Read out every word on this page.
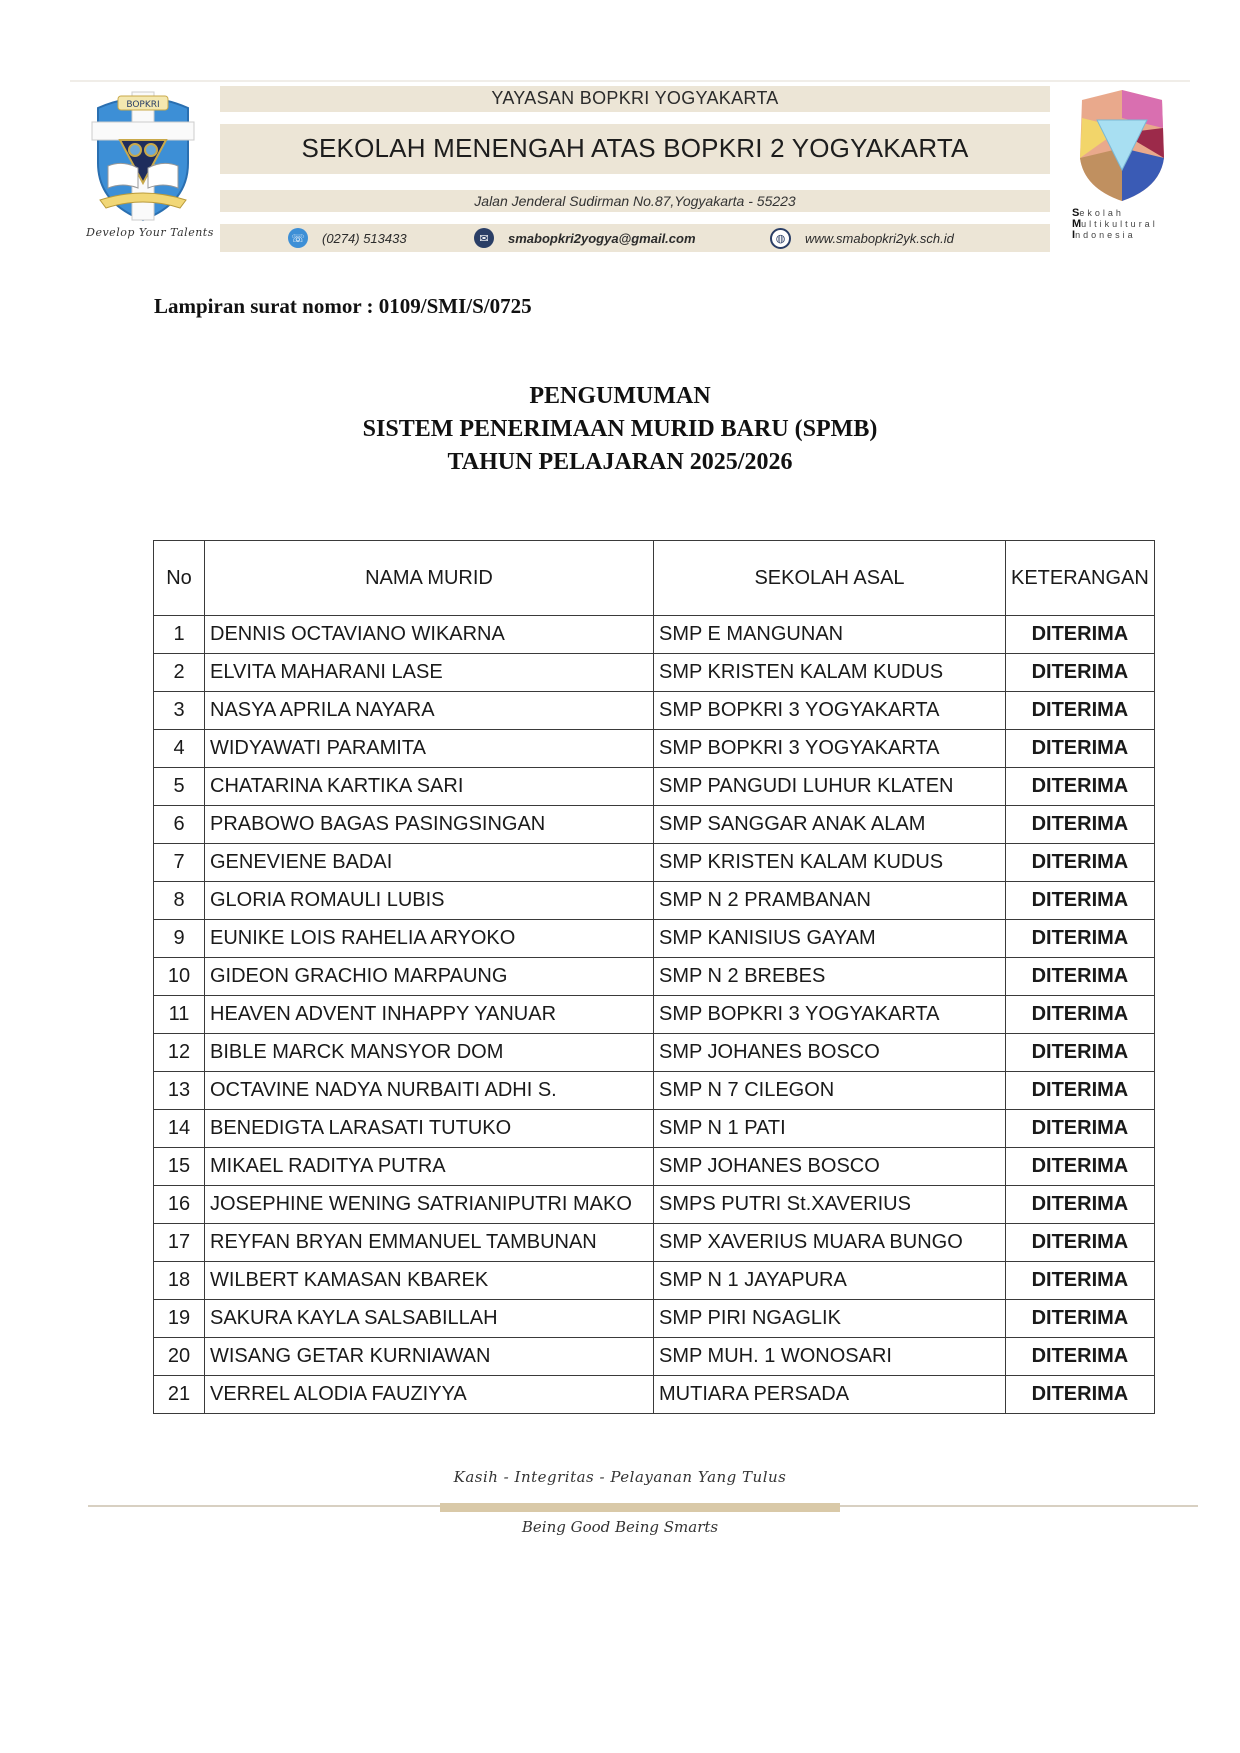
BOPKRI
Develop Your Talents
YAYASAN BOPKRI YOGYAKARTA
SEKOLAH MENENGAH ATAS BOPKRI 2 YOGYAKARTA
Jalan Jenderal Sudirman No.87,Yogyakarta - 55223
☏ (0274) 513433	✉	smabopkri2yogya@gmail.com	◍	www.smabopkri2yk.sch.id
Sekolah
Multikultural
Indonesia
Lampiran surat nomor : 0109/SMI/S/0725
PENGUMUMAN
SISTEM PENERIMAAN MURID BARU (SPMB)
TAHUN PELAJARAN 2025/2026
No	NAMA MURID	SEKOLAH ASAL	KETERANGAN
1	DENNIS OCTAVIANO WIKARNA	SMP E MANGUNAN	DITERIMA
2	ELVITA MAHARANI LASE	SMP KRISTEN KALAM KUDUS	DITERIMA
3	NASYA APRILA NAYARA	SMP BOPKRI 3 YOGYAKARTA	DITERIMA
4	WIDYAWATI PARAMITA	SMP BOPKRI 3 YOGYAKARTA	DITERIMA
5	CHATARINA KARTIKA SARI	SMP PANGUDI LUHUR KLATEN	DITERIMA
6	PRABOWO BAGAS PASINGSINGAN	SMP SANGGAR ANAK ALAM	DITERIMA
7	GENEVIENE BADAI	SMP KRISTEN KALAM KUDUS	DITERIMA
8	GLORIA ROMAULI LUBIS	SMP N 2 PRAMBANAN	DITERIMA
9	EUNIKE LOIS RAHELIA ARYOKO	SMP KANISIUS GAYAM	DITERIMA
10	GIDEON GRACHIO MARPAUNG	SMP N 2 BREBES	DITERIMA
11	HEAVEN ADVENT INHAPPY YANUAR	SMP BOPKRI 3 YOGYAKARTA	DITERIMA
12	BIBLE MARCK MANSYOR DOM	SMP JOHANES BOSCO	DITERIMA
13	OCTAVINE NADYA NURBAITI ADHI S.	SMP N 7 CILEGON	DITERIMA
14	BENEDIGTA LARASATI TUTUKO	SMP N 1 PATI	DITERIMA
15	MIKAEL RADITYA PUTRA	SMP JOHANES BOSCO	DITERIMA
16	JOSEPHINE WENING SATRIANIPUTRI MAKO	SMPS PUTRI St.XAVERIUS	DITERIMA
17	REYFAN BRYAN EMMANUEL TAMBUNAN	SMP XAVERIUS MUARA BUNGO	DITERIMA
18	WILBERT KAMASAN KBAREK	SMP N 1 JAYAPURA	DITERIMA
19	SAKURA KAYLA SALSABILLAH	SMP PIRI NGAGLIK	DITERIMA
20	WISANG GETAR KURNIAWAN	SMP MUH. 1 WONOSARI	DITERIMA
21	VERREL ALODIA FAUZIYYA	MUTIARA PERSADA	DITERIMA
Kasih - Integritas - Pelayanan Yang Tulus
Being Good Being Smarts
